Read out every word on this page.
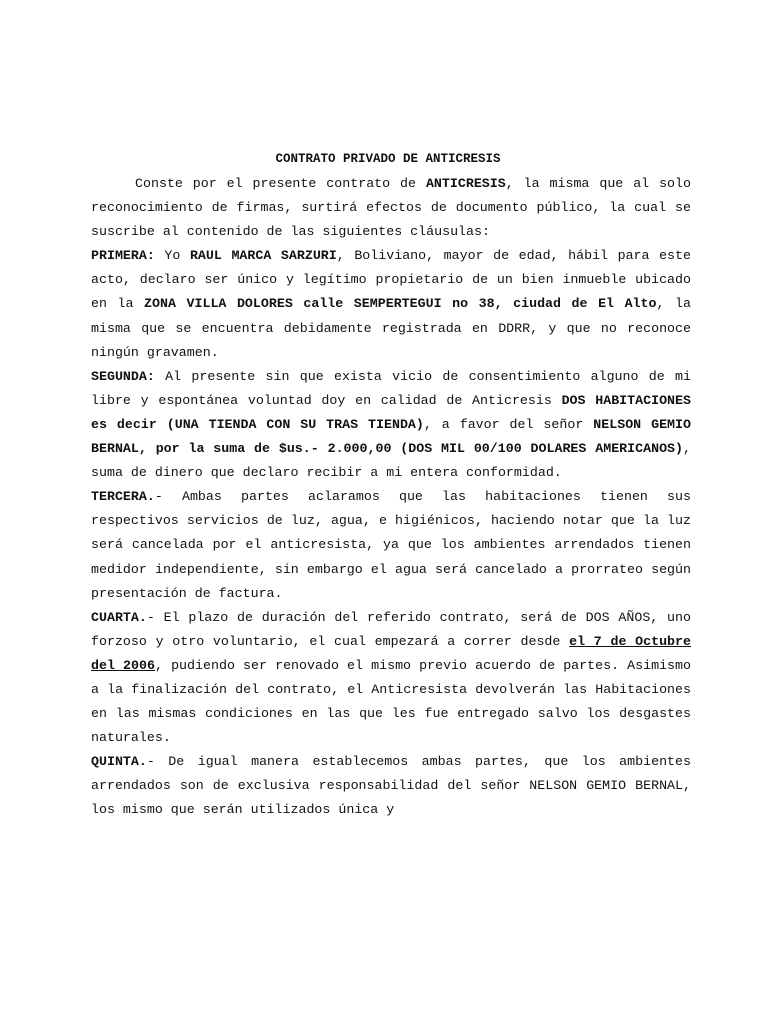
CONTRATO PRIVADO DE ANTICRESIS

Conste por el presente contrato de ANTICRESIS, la misma que al solo reconocimiento de firmas, surtirá efectos de documento público, la cual se suscribe al contenido de las siguientes cláusulas:

PRIMERA: Yo RAUL MARCA SARZURI, Boliviano, mayor de edad, hábil para este acto, declaro ser único y legítimo propietario de un bien inmueble ubicado en la ZONA VILLA DOLORES calle SEMPERTEGUI no 38, ciudad de El Alto, la misma que se encuentra debidamente registrada en DDRR, y que no reconoce ningún gravamen.

SEGUNDA: Al presente sin que exista vicio de consentimiento alguno de mi libre y espontánea voluntad doy en calidad de Anticresis DOS HABITACIONES es decir (UNA TIENDA CON SU TRAS TIENDA), a favor del señor NELSON GEMIO BERNAL, por la suma de $us.- 2.000,00 (DOS MIL 00/100 DOLARES AMERICANOS), suma de dinero que declaro recibir a mi entera conformidad.

TERCERA.- Ambas partes aclaramos que las habitaciones tienen sus respectivos servicios de luz, agua, e higiénicos, haciendo notar que la luz será cancelada por el anticresista, ya que los ambientes arrendados tienen medidor independiente, sin embargo el agua será cancelado a prorrateo según presentación de factura.

CUARTA.- El plazo de duración del referido contrato, será de DOS AÑOS, uno forzoso y otro voluntario, el cual empezará a correr desde el 7 de Octubre del 2006, pudiendo ser renovado el mismo previo acuerdo de partes. Asimismo a la finalización del contrato, el Anticresista devolverán las Habitaciones en las mismas condiciones en las que les fue entregado salvo los desgastes naturales.

QUINTA.- De igual manera establecemos ambas partes, que los ambientes arrendados son de exclusiva responsabilidad del señor NELSON GEMIO BERNAL, los mismo que serán utilizados única y
